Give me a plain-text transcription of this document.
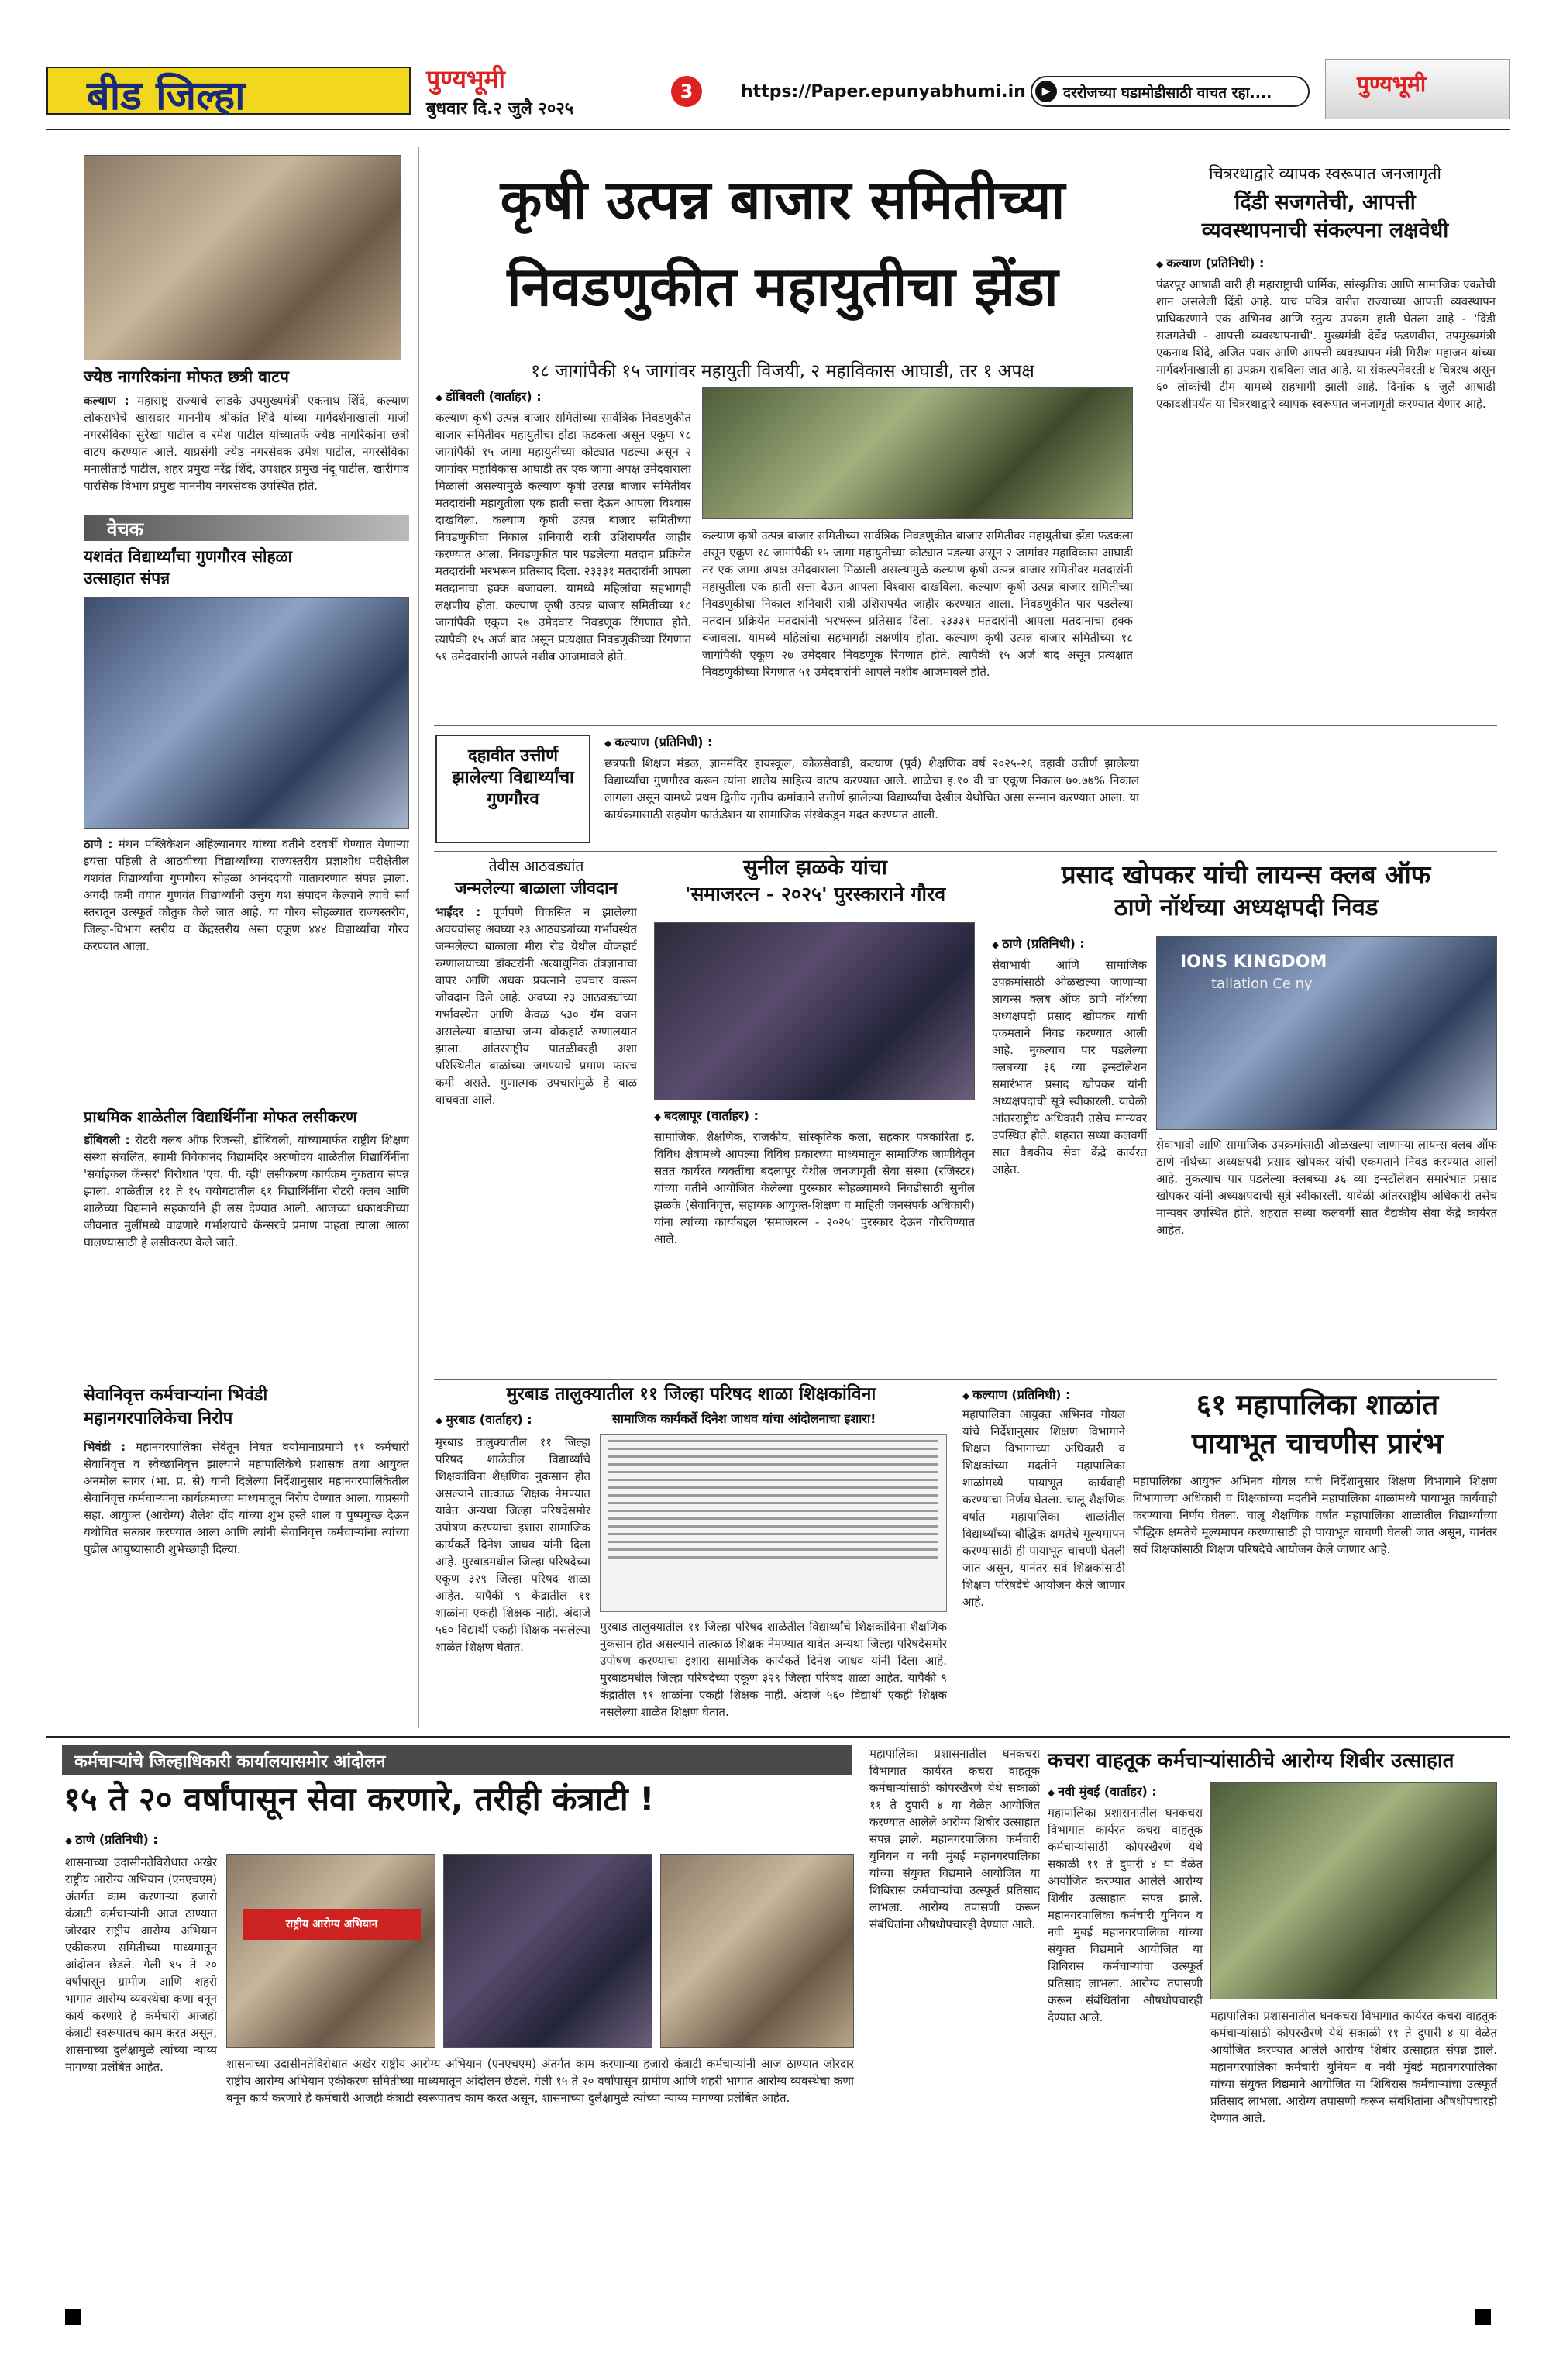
बीड जिल्हा	पुण्यभूमी
बुधवार दि.२ जुलै २०२५
3	https://Paper.epunyabhumi.in	▶ दररोजच्या घडामोडीसाठी वाचत रहा....	पुण्यभूमी
ज्येष्ठ नागरिकांना मोफत छत्री वाटप
कल्याण : महाराष्ट्र राज्याचे लाडके उपमुख्यमंत्री एकनाथ शिंदे, कल्याण लोकसभेचे खासदार माननीय श्रीकांत शिंदे यांच्या मार्गदर्शनाखाली माजी नगरसेविका सुरेखा पाटील व रमेश पाटील यांच्यातर्फे ज्येष्ठ नागरिकांना छत्री वाटप करण्यात आले. याप्रसंगी ज्येष्ठ नगरसेवक उमेश पाटील, नगरसेविका मनालीताई पाटील, शहर प्रमुख नरेंद्र शिंदे, उपशहर प्रमुख नंदू पाटील, खारीगाव पारसिक विभाग प्रमुख माननीय नगरसेवक उपस्थित होते.
वेचक
यशवंत विद्यार्थ्यांचा गुणगौरव सोहळा
उत्साहात संपन्न
ठाणे : मंथन पब्लिकेशन अहिल्यानगर यांच्या वतीने दरवर्षी घेण्यात येणाऱ्या इयत्ता पहिली ते आठवीच्या विद्यार्थ्यांच्या राज्यस्तरीय प्रज्ञाशोध परीक्षेतील यशवंत विद्यार्थ्यांचा गुणगौरव सोहळा आनंददायी वातावरणात संपन्न झाला. अगदी कमी वयात गुणवंत विद्यार्थ्यांनी उत्तुंग यश संपादन केल्याने त्यांचे सर्व स्तरातून उत्स्फूर्त कौतुक केले जात आहे. या गौरव सोहळ्यात राज्यस्तरीय, जिल्हा-विभाग स्तरीय व केंद्रस्तरीय असा एकूण ४४४ विद्यार्थ्यांचा गौरव करण्यात आला.
प्राथमिक शाळेतील विद्यार्थिनींना मोफत लसीकरण
डोंबिवली : रोटरी क्लब ऑफ रिजन्सी, डोंबिवली, यांच्यामार्फत राष्ट्रीय शिक्षण संस्था संचलित, स्वामी विवेकानंद विद्यामंदिर अरुणोदय शाळेतील विद्यार्थिनींना 'सर्वाइकल कॅन्सर' विरोधात 'एच. पी. व्ही' लसीकरण कार्यक्रम नुकताच संपन्न झाला. शाळेतील ११ ते १५ वयोगटातील ६१ विद्यार्थिनींना रोटरी क्लब आणि शाळेच्या विद्यमाने सहकार्याने ही लस देण्यात आली. आजच्या धकाधकीच्या जीवनात मुलींमध्ये वाढणारे गर्भाशयाचे कॅन्सरचे प्रमाण पाहता त्याला आळा घालण्यासाठी हे लसीकरण केले जाते.
सेवानिवृत्त कर्मचाऱ्यांना भिवंडी
महानगरपालिकेचा निरोप
भिवंडी : महानगरपालिका सेवेतून नियत वयोमानाप्रमाणे ११ कर्मचारी सेवानिवृत्त व स्वेच्छानिवृत्त झाल्याने महापालिकेचे प्रशासक तथा आयुक्त अनमोल सागर (भा. प्र. से) यांनी दिलेल्या निर्देशानुसार महानगरपालिकेतील सेवानिवृत्त कर्मचाऱ्यांना कार्यक्रमाच्या माध्यमातून निरोप देण्यात आला. याप्रसंगी सहा. आयुक्त (आरोग्य) शैलेश दोंद यांच्या शुभ हस्ते शाल व पुष्पगुच्छ देऊन यथोचित सत्कार करण्यात आला आणि त्यांनी सेवानिवृत्त कर्मचाऱ्यांना त्यांच्या पुढील आयुष्यासाठी शुभेच्छाही दिल्या.
कृषी उत्पन्न बाजार समितीच्या
निवडणुकीत महायुतीचा झेंडा
१८ जागांपैकी १५ जागांवर महायुती विजयी, २ महाविकास आघाडी, तर १ अपक्ष
◆ डोंबिवली (वार्ताहर) :
कल्याण कृषी उत्पन्न बाजार समितीच्या सार्वत्रिक निवडणुकीत बाजार समितीवर महायुतीचा झेंडा फडकला असून एकूण १८ जागांपैकी १५ जागा महायुतीच्या कोट्यात पडल्या असून २ जागांवर महाविकास आघाडी तर एक जागा अपक्ष उमेदवाराला मिळाली असल्यामुळे कल्याण कृषी उत्पन्न बाजार समितीवर मतदारांनी महायुतीला एक हाती सत्ता देऊन आपला विश्वास दाखविला. कल्याण कृषी उत्पन्न बाजार समितीच्या निवडणुकीचा निकाल शनिवारी रात्री उशिरापर्यंत जाहीर करण्यात आला. निवडणुकीत पार पडलेल्या मतदान प्रक्रियेत मतदारांनी भरभरून प्रतिसाद दिला. २३३३१ मतदारांनी आपला मतदानाचा हक्क बजावला. यामध्ये महिलांचा सहभागही लक्षणीय होता. कल्याण कृषी उत्पन्न बाजार समितीच्या १८ जागांपैकी एकूण २७ उमेदवार निवडणूक रिंगणात होते. त्यापैकी १५ अर्ज बाद असून प्रत्यक्षात निवडणुकीच्या रिंगणात ५१ उमेदवारांनी आपले नशीब आजमावले होते.
कल्याण कृषी उत्पन्न बाजार समितीच्या सार्वत्रिक निवडणुकीत बाजार समितीवर महायुतीचा झेंडा फडकला असून एकूण १८ जागांपैकी १५ जागा महायुतीच्या कोट्यात पडल्या असून २ जागांवर महाविकास आघाडी तर एक जागा अपक्ष उमेदवाराला मिळाली असल्यामुळे कल्याण कृषी उत्पन्न बाजार समितीवर मतदारांनी महायुतीला एक हाती सत्ता देऊन आपला विश्वास दाखविला. कल्याण कृषी उत्पन्न बाजार समितीच्या निवडणुकीचा निकाल शनिवारी रात्री उशिरापर्यंत जाहीर करण्यात आला. निवडणुकीत पार पडलेल्या मतदान प्रक्रियेत मतदारांनी भरभरून प्रतिसाद दिला. २३३३१ मतदारांनी आपला मतदानाचा हक्क बजावला. यामध्ये महिलांचा सहभागही लक्षणीय होता. कल्याण कृषी उत्पन्न बाजार समितीच्या १८ जागांपैकी एकूण २७ उमेदवार निवडणूक रिंगणात होते. त्यापैकी १५ अर्ज बाद असून प्रत्यक्षात निवडणुकीच्या रिंगणात ५१ उमेदवारांनी आपले नशीब आजमावले होते.
चित्ररथाद्वारे व्यापक स्वरूपात जनजागृती
दिंडी सजगतेची, आपत्ती
व्यवस्थापनाची संकल्पना लक्षवेधी
◆ कल्याण (प्रतिनिधी) :
पंढरपूर आषाढी वारी ही महाराष्ट्राची धार्मिक, सांस्कृतिक आणि सामाजिक एकतेची शान असलेली दिंडी आहे. याच पवित्र वारीत राज्याच्या आपत्ती व्यवस्थापन प्राधिकरणाने एक अभिनव आणि स्तुत्य उपक्रम हाती घेतला आहे - 'दिंडी सजगतेची - आपत्ती व्यवस्थापनाची'. मुख्यमंत्री देवेंद्र फडणवीस, उपमुख्यमंत्री एकनाथ शिंदे, अजित पवार आणि आपत्ती व्यवस्थापन मंत्री गिरीश महाजन यांच्या मार्गदर्शनाखाली हा उपक्रम राबविला जात आहे. या संकल्पनेवरती ४ चित्ररथ असून ६० लोकांची टीम यामध्ये सहभागी झाली आहे. दिनांक ६ जुलै आषाढी एकादशीपर्यंत या चित्ररथाद्वारे व्यापक स्वरूपात जनजागृती करण्यात येणार आहे.
दहावीत उत्तीर्ण झालेल्या विद्यार्थ्यांचा गुणगौरव
◆ कल्याण (प्रतिनिधी) :
छत्रपती शिक्षण मंडळ, ज्ञानमंदिर हायस्कूल, कोळसेवाडी, कल्याण (पूर्व) शैक्षणिक वर्ष २०२५-२६ दहावी उत्तीर्ण झालेल्या विद्यार्थ्यांचा गुणगौरव करून त्यांना शालेय साहित्य वाटप करण्यात आले. शाळेचा इ.१० वी चा एकूण निकाल ७०.७७% निकाल लागला असून यामध्ये प्रथम द्वितीय तृतीय क्रमांकाने उत्तीर्ण झालेल्या विद्यार्थ्यांचा देखील येथोचित असा सन्मान करण्यात आला. या कार्यक्रमासाठी सहयोग फाऊंडेशन या सामाजिक संस्थेकडून मदत करण्यात आली.
तेवीस आठवड्यांत
जन्मलेल्या बाळाला जीवदान
भाईंदर : पूर्णपणे विकसित न झालेल्या अवयवांसह अवघ्या २३ आठवड्यांच्या गर्भावस्थेत जन्मलेल्या बाळाला मीरा रोड येथील वोकहार्ट रुग्णालयाच्या डॉक्टरांनी अत्याधुनिक तंत्रज्ञानाचा वापर आणि अथक प्रयत्नाने उपचार करून जीवदान दिले आहे. अवघ्या २३ आठवड्यांच्या गर्भावस्थेत आणि केवळ ५३० ग्रॅम वजन असलेल्या बाळाचा जन्म वोकहार्ट रुग्णालयात झाला. आंतरराष्ट्रीय पातळीवरही अशा परिस्थितीत बाळांच्या जगण्याचे प्रमाण फारच कमी असते. गुणात्मक उपचारांमुळे हे बाळ वाचवता आले.
सुनील झळके यांचा
'समाजरत्न - २०२५' पुरस्काराने गौरव
◆ बदलापूर (वार्ताहर) :
सामाजिक, शैक्षणिक, राजकीय, सांस्कृतिक कला, सहकार पत्रकारिता इ. विविध क्षेत्रांमध्ये आपल्या विविध प्रकारच्या माध्यमातून सामाजिक जाणीवेतून सतत कार्यरत व्यक्तींचा बदलापूर येथील जनजागृती सेवा संस्था (रजिस्टर) यांच्या वतीने आयोजित केलेल्या पुरस्कार सोहळ्यामध्ये निवडीसाठी सुनील झळके (सेवानिवृत्त, सहायक आयुक्त-शिक्षण व माहिती जनसंपर्क अधिकारी) यांना त्यांच्या कार्याबद्दल 'समाजरत्न - २०२५' पुरस्कार देऊन गौरविण्यात आले.
प्रसाद खोपकर यांची लायन्स क्लब ऑफ
ठाणे नॉर्थच्या अध्यक्षपदी निवड
◆ ठाणे (प्रतिनिधी) :
सेवाभावी आणि सामाजिक उपक्रमांसाठी ओळखल्या जाणाऱ्या लायन्स क्लब ऑफ ठाणे नॉर्थच्या अध्यक्षपदी प्रसाद खोपकर यांची एकमताने निवड करण्यात आली आहे. नुकत्याच पार पडलेल्या क्लबच्या ३६ व्या इन्स्टॉलेशन समारंभात प्रसाद खोपकर यांनी अध्यक्षपदाची सूत्रे स्वीकारली. यावेळी आंतरराष्ट्रीय अधिकारी तसेच मान्यवर उपस्थित होते. शहरात सध्या कलवर्गी सात वैद्यकीय सेवा केंद्रे कार्यरत आहेत.
IONS KINGDOM
tallation Ce ny
सेवाभावी आणि सामाजिक उपक्रमांसाठी ओळखल्या जाणाऱ्या लायन्स क्लब ऑफ ठाणे नॉर्थच्या अध्यक्षपदी प्रसाद खोपकर यांची एकमताने निवड करण्यात आली आहे. नुकत्याच पार पडलेल्या क्लबच्या ३६ व्या इन्स्टॉलेशन समारंभात प्रसाद खोपकर यांनी अध्यक्षपदाची सूत्रे स्वीकारली. यावेळी आंतरराष्ट्रीय अधिकारी तसेच मान्यवर उपस्थित होते. शहरात सध्या कलवर्गी सात वैद्यकीय सेवा केंद्रे कार्यरत आहेत.
मुरबाड तालुक्यातील ११ जिल्हा परिषद शाळा शिक्षकांविना
◆ मुरबाड (वार्ताहर) :	सामाजिक कार्यकर्ते दिनेश जाधव यांचा आंदोलनाचा इशारा!
मुरबाड तालुक्यातील ११ जिल्हा परिषद शाळेतील विद्यार्थ्यांचे शिक्षकांविना शैक्षणिक नुकसान होत असल्याने तात्काळ शिक्षक नेमण्यात यावेत अन्यथा जिल्हा परिषदेसमोर उपोषण करण्याचा इशारा सामाजिक कार्यकर्ते दिनेश जाधव यांनी दिला आहे. मुरबाडमधील जिल्हा परिषदेच्या एकूण ३२९ जिल्हा परिषद शाळा आहेत. यापैकी ९ केंद्रातील ११ शाळांना एकही शिक्षक नाही. अंदाजे ५६० विद्यार्थी एकही शिक्षक नसलेल्या शाळेत शिक्षण घेतात.
मुरबाड तालुक्यातील ११ जिल्हा परिषद शाळेतील विद्यार्थ्यांचे शिक्षकांविना शैक्षणिक नुकसान होत असल्याने तात्काळ शिक्षक नेमण्यात यावेत अन्यथा जिल्हा परिषदेसमोर उपोषण करण्याचा इशारा सामाजिक कार्यकर्ते दिनेश जाधव यांनी दिला आहे. मुरबाडमधील जिल्हा परिषदेच्या एकूण ३२९ जिल्हा परिषद शाळा आहेत. यापैकी ९ केंद्रातील ११ शाळांना एकही शिक्षक नाही. अंदाजे ५६० विद्यार्थी एकही शिक्षक नसलेल्या शाळेत शिक्षण घेतात.
◆ कल्याण (प्रतिनिधी) :
महापालिका आयुक्त अभिनव गोयल यांचे निर्देशानुसार शिक्षण विभागाने शिक्षण विभागाच्या अधिकारी व शिक्षकांच्या मदतीने महापालिका शाळांमध्ये पायाभूत कार्यवाही करण्याचा निर्णय घेतला. चालू शैक्षणिक वर्षात महापालिका शाळांतील विद्यार्थ्यांच्या बौद्धिक क्षमतेचे मूल्यमापन करण्यासाठी ही पायाभूत चाचणी घेतली जात असून, यानंतर सर्व शिक्षकांसाठी शिक्षण परिषदेचे आयोजन केले जाणार आहे.
६१ महापालिका शाळांत
पायाभूत चाचणीस प्रारंभ
महापालिका आयुक्त अभिनव गोयल यांचे निर्देशानुसार शिक्षण विभागाने शिक्षण विभागाच्या अधिकारी व शिक्षकांच्या मदतीने महापालिका शाळांमध्ये पायाभूत कार्यवाही करण्याचा निर्णय घेतला. चालू शैक्षणिक वर्षात महापालिका शाळांतील विद्यार्थ्यांच्या बौद्धिक क्षमतेचे मूल्यमापन करण्यासाठी ही पायाभूत चाचणी घेतली जात असून, यानंतर सर्व शिक्षकांसाठी शिक्षण परिषदेचे आयोजन केले जाणार आहे.
कर्मचाऱ्यांचे जिल्हाधिकारी कार्यालयासमोर आंदोलन
१५ ते २० वर्षांपासून सेवा करणारे, तरीही कंत्राटी !
◆ ठाणे (प्रतिनिधी) :
शासनाच्या उदासीनतेविरोधात अखेर राष्ट्रीय आरोग्य अभियान (एनएचएम) अंतर्गत काम करणाऱ्या हजारो कंत्राटी कर्मचाऱ्यांनी आज ठाण्यात जोरदार राष्ट्रीय आरोग्य अभियान एकीकरण समितीच्या माध्यमातून आंदोलन छेडले. गेली १५ ते २० वर्षांपासून ग्रामीण आणि शहरी भागात आरोग्य व्यवस्थेचा कणा बनून कार्य करणारे हे कर्मचारी आजही कंत्राटी स्वरूपातच काम करत असून, शासनाच्या दुर्लक्षामुळे त्यांच्या न्याय्य मागण्या प्रलंबित आहेत.
राष्ट्रीय आरोग्य अभियान
शासनाच्या उदासीनतेविरोधात अखेर राष्ट्रीय आरोग्य अभियान (एनएचएम) अंतर्गत काम करणाऱ्या हजारो कंत्राटी कर्मचाऱ्यांनी आज ठाण्यात जोरदार राष्ट्रीय आरोग्य अभियान एकीकरण समितीच्या माध्यमातून आंदोलन छेडले. गेली १५ ते २० वर्षांपासून ग्रामीण आणि शहरी भागात आरोग्य व्यवस्थेचा कणा बनून कार्य करणारे हे कर्मचारी आजही कंत्राटी स्वरूपातच काम करत असून, शासनाच्या दुर्लक्षामुळे त्यांच्या न्याय्य मागण्या प्रलंबित आहेत.
महापालिका प्रशासनातील घनकचरा विभागात कार्यरत कचरा वाहतूक कर्मचाऱ्यांसाठी कोपरखैरणे येथे सकाळी ११ ते दुपारी ४ या वेळेत आयोजित करण्यात आलेले आरोग्य शिबीर उत्साहात संपन्न झाले. महानगरपालिका कर्मचारी युनियन व नवी मुंबई महानगरपालिका यांच्या संयुक्त विद्यमाने आयोजित या शिबिरास कर्मचाऱ्यांचा उत्स्फूर्त प्रतिसाद लाभला. आरोग्य तपासणी करून संबंधितांना औषधोपचारही देण्यात आले.
कचरा वाहतूक कर्मचाऱ्यांसाठीचे आरोग्य शिबीर उत्साहात
◆ नवी मुंबई (वार्ताहर) :
महापालिका प्रशासनातील घनकचरा विभागात कार्यरत कचरा वाहतूक कर्मचाऱ्यांसाठी कोपरखैरणे येथे सकाळी ११ ते दुपारी ४ या वेळेत आयोजित करण्यात आलेले आरोग्य शिबीर उत्साहात संपन्न झाले. महानगरपालिका कर्मचारी युनियन व नवी मुंबई महानगरपालिका यांच्या संयुक्त विद्यमाने आयोजित या शिबिरास कर्मचाऱ्यांचा उत्स्फूर्त प्रतिसाद लाभला. आरोग्य तपासणी करून संबंधितांना औषधोपचारही देण्यात आले.	महापालिका प्रशासनातील घनकचरा विभागात कार्यरत कचरा वाहतूक कर्मचाऱ्यांसाठी कोपरखैरणे येथे सकाळी ११ ते दुपारी ४ या वेळेत आयोजित करण्यात आलेले आरोग्य शिबीर उत्साहात संपन्न झाले. महानगरपालिका कर्मचारी युनियन व नवी मुंबई महानगरपालिका यांच्या संयुक्त विद्यमाने आयोजित या शिबिरास कर्मचाऱ्यांचा उत्स्फूर्त प्रतिसाद लाभला. आरोग्य तपासणी करून संबंधितांना औषधोपचारही देण्यात आले.
